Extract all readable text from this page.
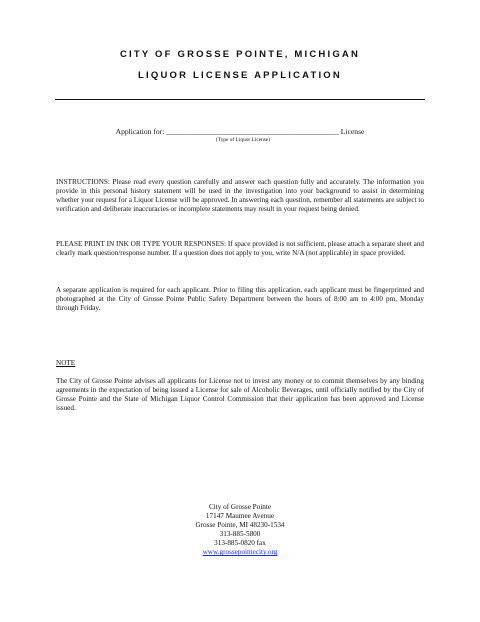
CITY OF GROSSE POINTE, MICHIGAN
LIQUOR LICENSE APPLICATION
Application for: ________________________________________________ License
(Type of Liquor License)

INSTRUCTIONS: Please read every question carefully and answer each question fully and accurately. The information you provide in this personal history statement will be used in the investigation into your background to assist in determining whether your request for a Liquor License will be approved. In answering each question, remember all statements are subject to verification and deliberate inaccuracies or incomplete statements may result in your request being denied.

PLEASE PRINT IN INK OR TYPE YOUR RESPONSES: If space provided is not sufficient, please attach a separate sheet and clearly mark question/response number. If a question does not apply to you, write N/A (not applicable) in space provided.

A separate application is required for each applicant. Prior to filing this application, each applicant must be fingerprinted and photographed at the City of Grosse Pointe Public Safety Department between the hours of 8:00 am to 4:00 pm, Monday through Friday.

NOTE

The City of Grosse Pointe advises all applicants for License not to invest any money or to commit themselves by any binding agreements in the expectation of being issued a License for sale of Alcoholic Beverages, until officially notified by the City of Grosse Pointe and the State of Michigan Liquor Control Commission that their application has been approved and License issued.

City of Grosse Pointe
17147 Maumee Avenue
Grosse Pointe, MI 48230-1534
313-885-5800
313-885-0820 fax
www.grossepointecity.org
